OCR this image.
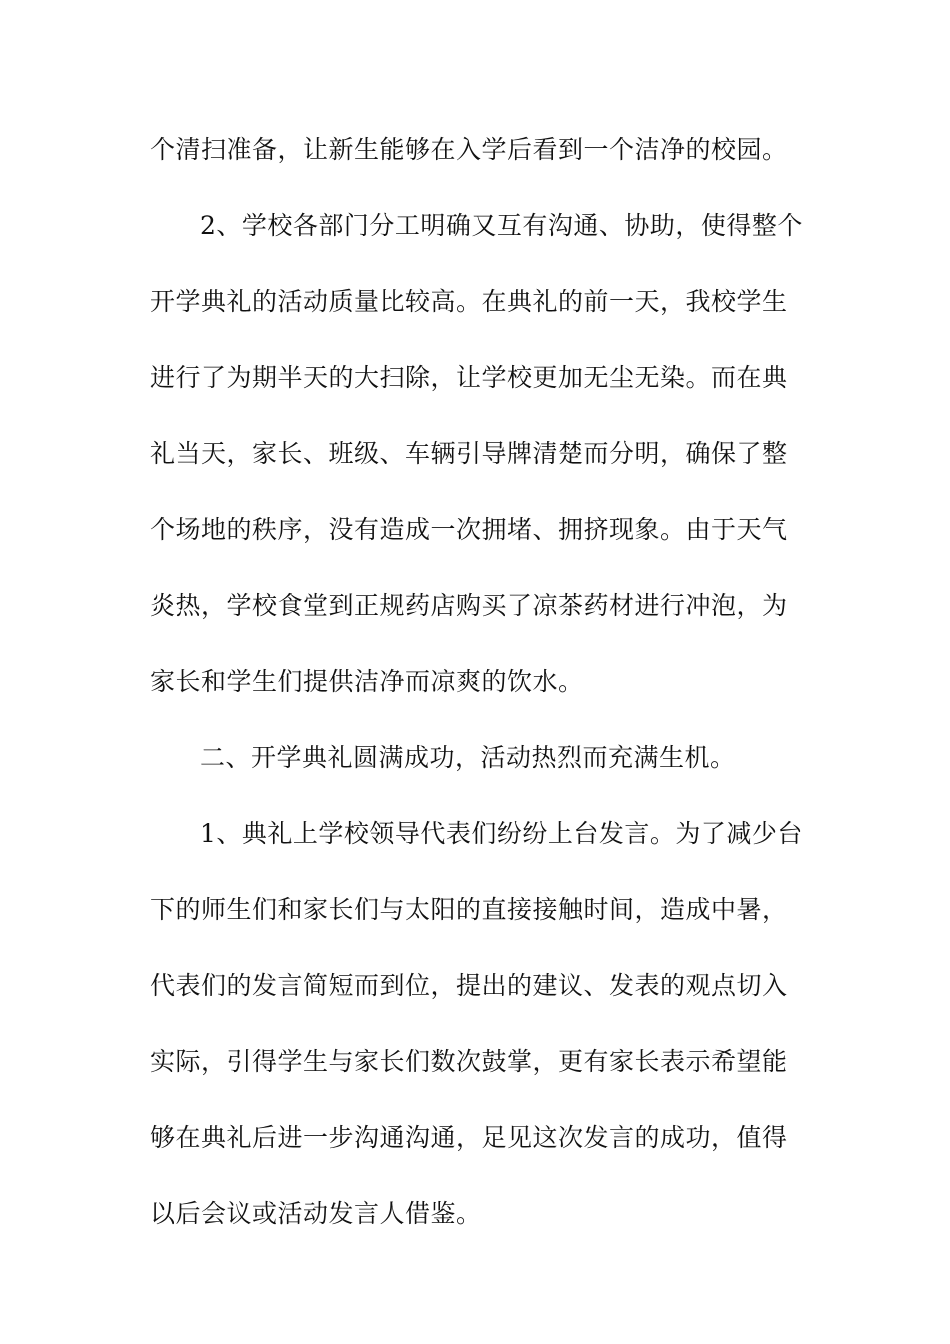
个清扫准备，让新生能够在入学后看到一个洁净的校园。
2、学校各部门分工明确又互有沟通、协助，使得整个
开学典礼的活动质量比较高。在典礼的前一天，我校学生
进行了为期半天的大扫除，让学校更加无尘无染。而在典
礼当天，家长、班级、车辆引导牌清楚而分明，确保了整
个场地的秩序，没有造成一次拥堵、拥挤现象。由于天气
炎热，学校食堂到正规药店购买了凉茶药材进行冲泡，为
家长和学生们提供洁净而凉爽的饮水。
二、开学典礼圆满成功，活动热烈而充满生机。
1、典礼上学校领导代表们纷纷上台发言。为了减少台
下的师生们和家长们与太阳的直接接触时间，造成中暑，
代表们的发言简短而到位，提出的建议、发表的观点切入
实际，引得学生与家长们数次鼓掌，更有家长表示希望能
够在典礼后进一步沟通沟通，足见这次发言的成功，值得
以后会议或活动发言人借鉴。
